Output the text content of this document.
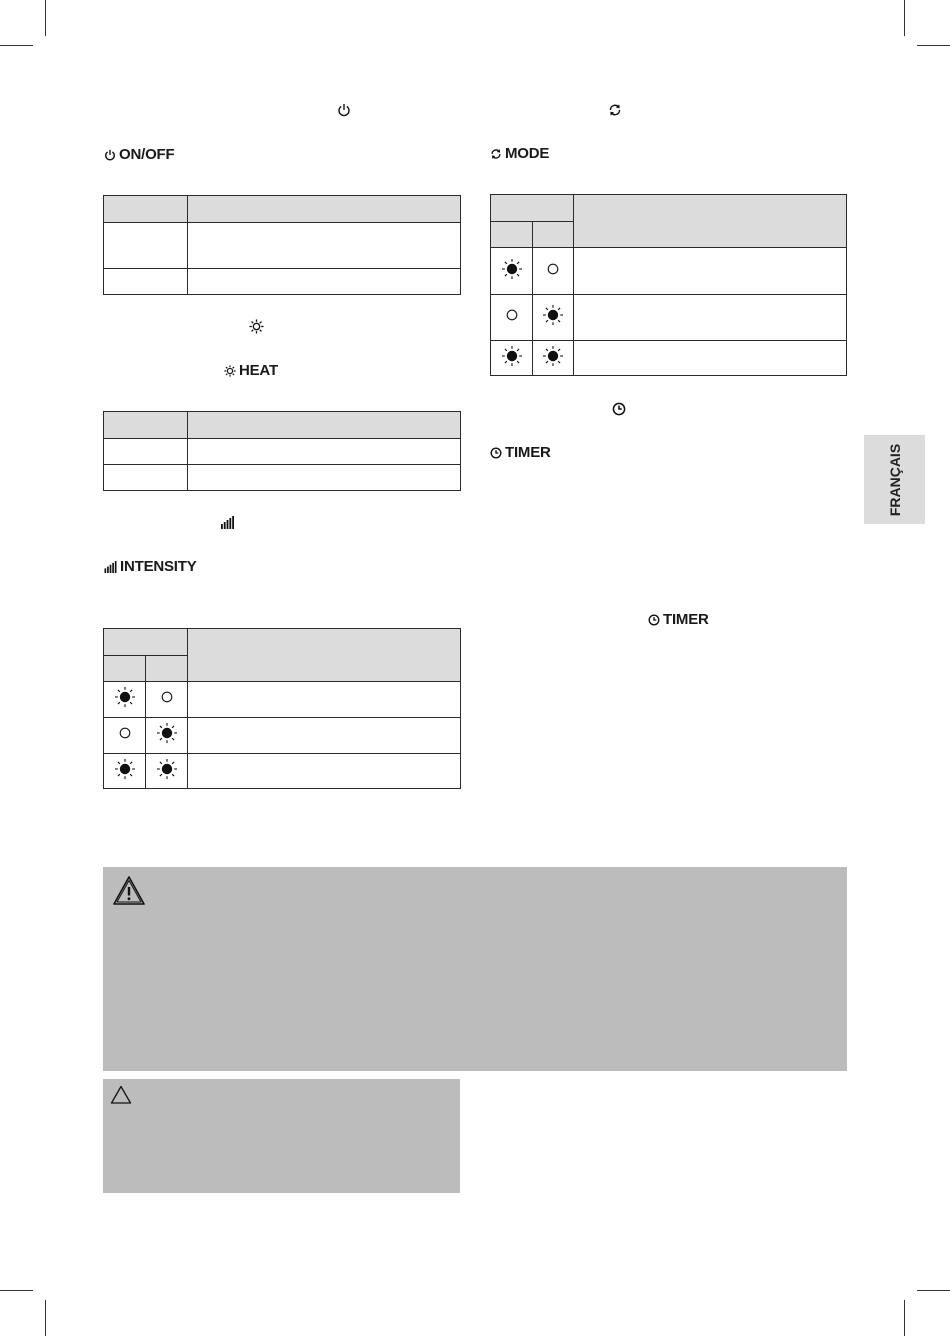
ON/OFF
HEAT
INTENSITY
MODE
TIMER
TIMER

FRANÇAIS
